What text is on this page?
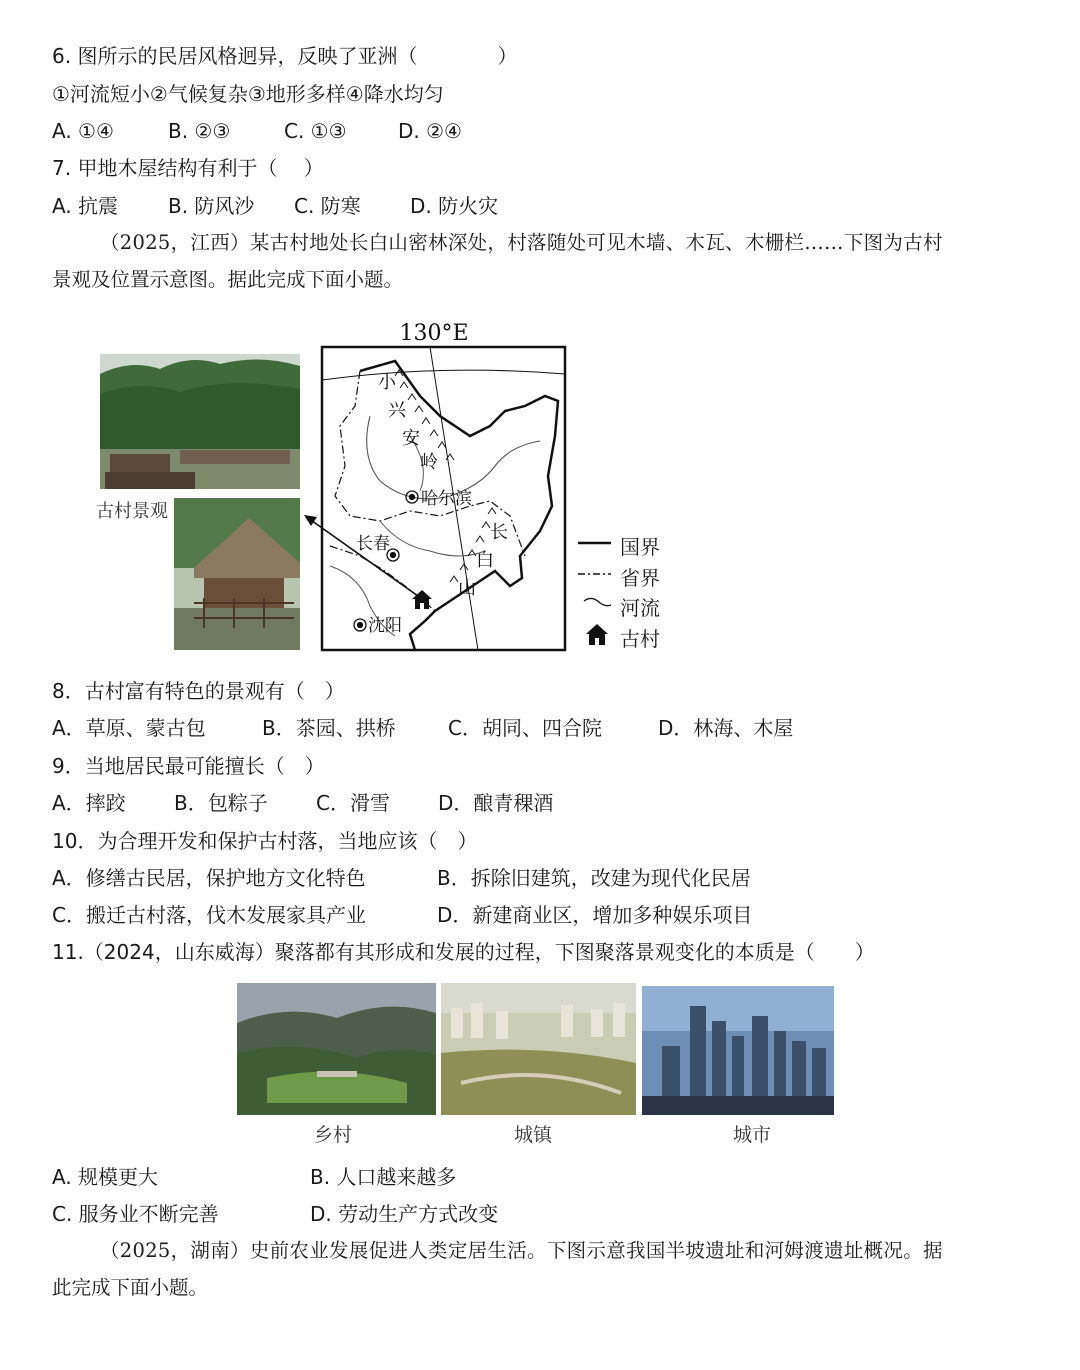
6. 图所示的民居风格迥异，反映了亚洲（　　　　）
①河流短小②气候复杂③地形多样④降水均匀
A. ①④	B. ②③	C. ①③	D. ②④
7. 甲地木屋结构有利于（　 ）
A. 抗震 B. 防风沙 C. 防寒 D. 防火灾
（2025，江西）某古村地处长白山密林深处，村落随处可见木墙、木瓦、木栅栏……下图为古村
景观及位置示意图。据此完成下面小题。
古村景观
130°E
小
兴
安
岭
哈尔滨
长春
沈阳
长
白
山
国界
省界
河流
古村
8．古村富有特色的景观有（　）
A．草原、蒙古包	B．茶园、拱桥	C．胡同、四合院	D．林海、木屋
9．当地居民最可能擅长（　）
A．摔跤 B．包粽子 C．滑雪 D．酿青稞酒
10．为合理开发和保护古村落，当地应该（　）
A．修缮古民居，保护地方文化特色	B．拆除旧建筑，改建为现代化民居
C．搬迁古村落，伐木发展家具产业	D．新建商业区，增加多种娱乐项目
11.（2024，山东威海）聚落都有其形成和发展的过程，下图聚落景观变化的本质是（　　）
乡村	城镇	城市
A. 规模更大	B. 人口越来越多
C. 服务业不断完善	D. 劳动生产方式改变
（2025，湖南）史前农业发展促进人类定居生活。下图示意我国半坡遗址和河姆渡遗址概况。据
此完成下面小题。
